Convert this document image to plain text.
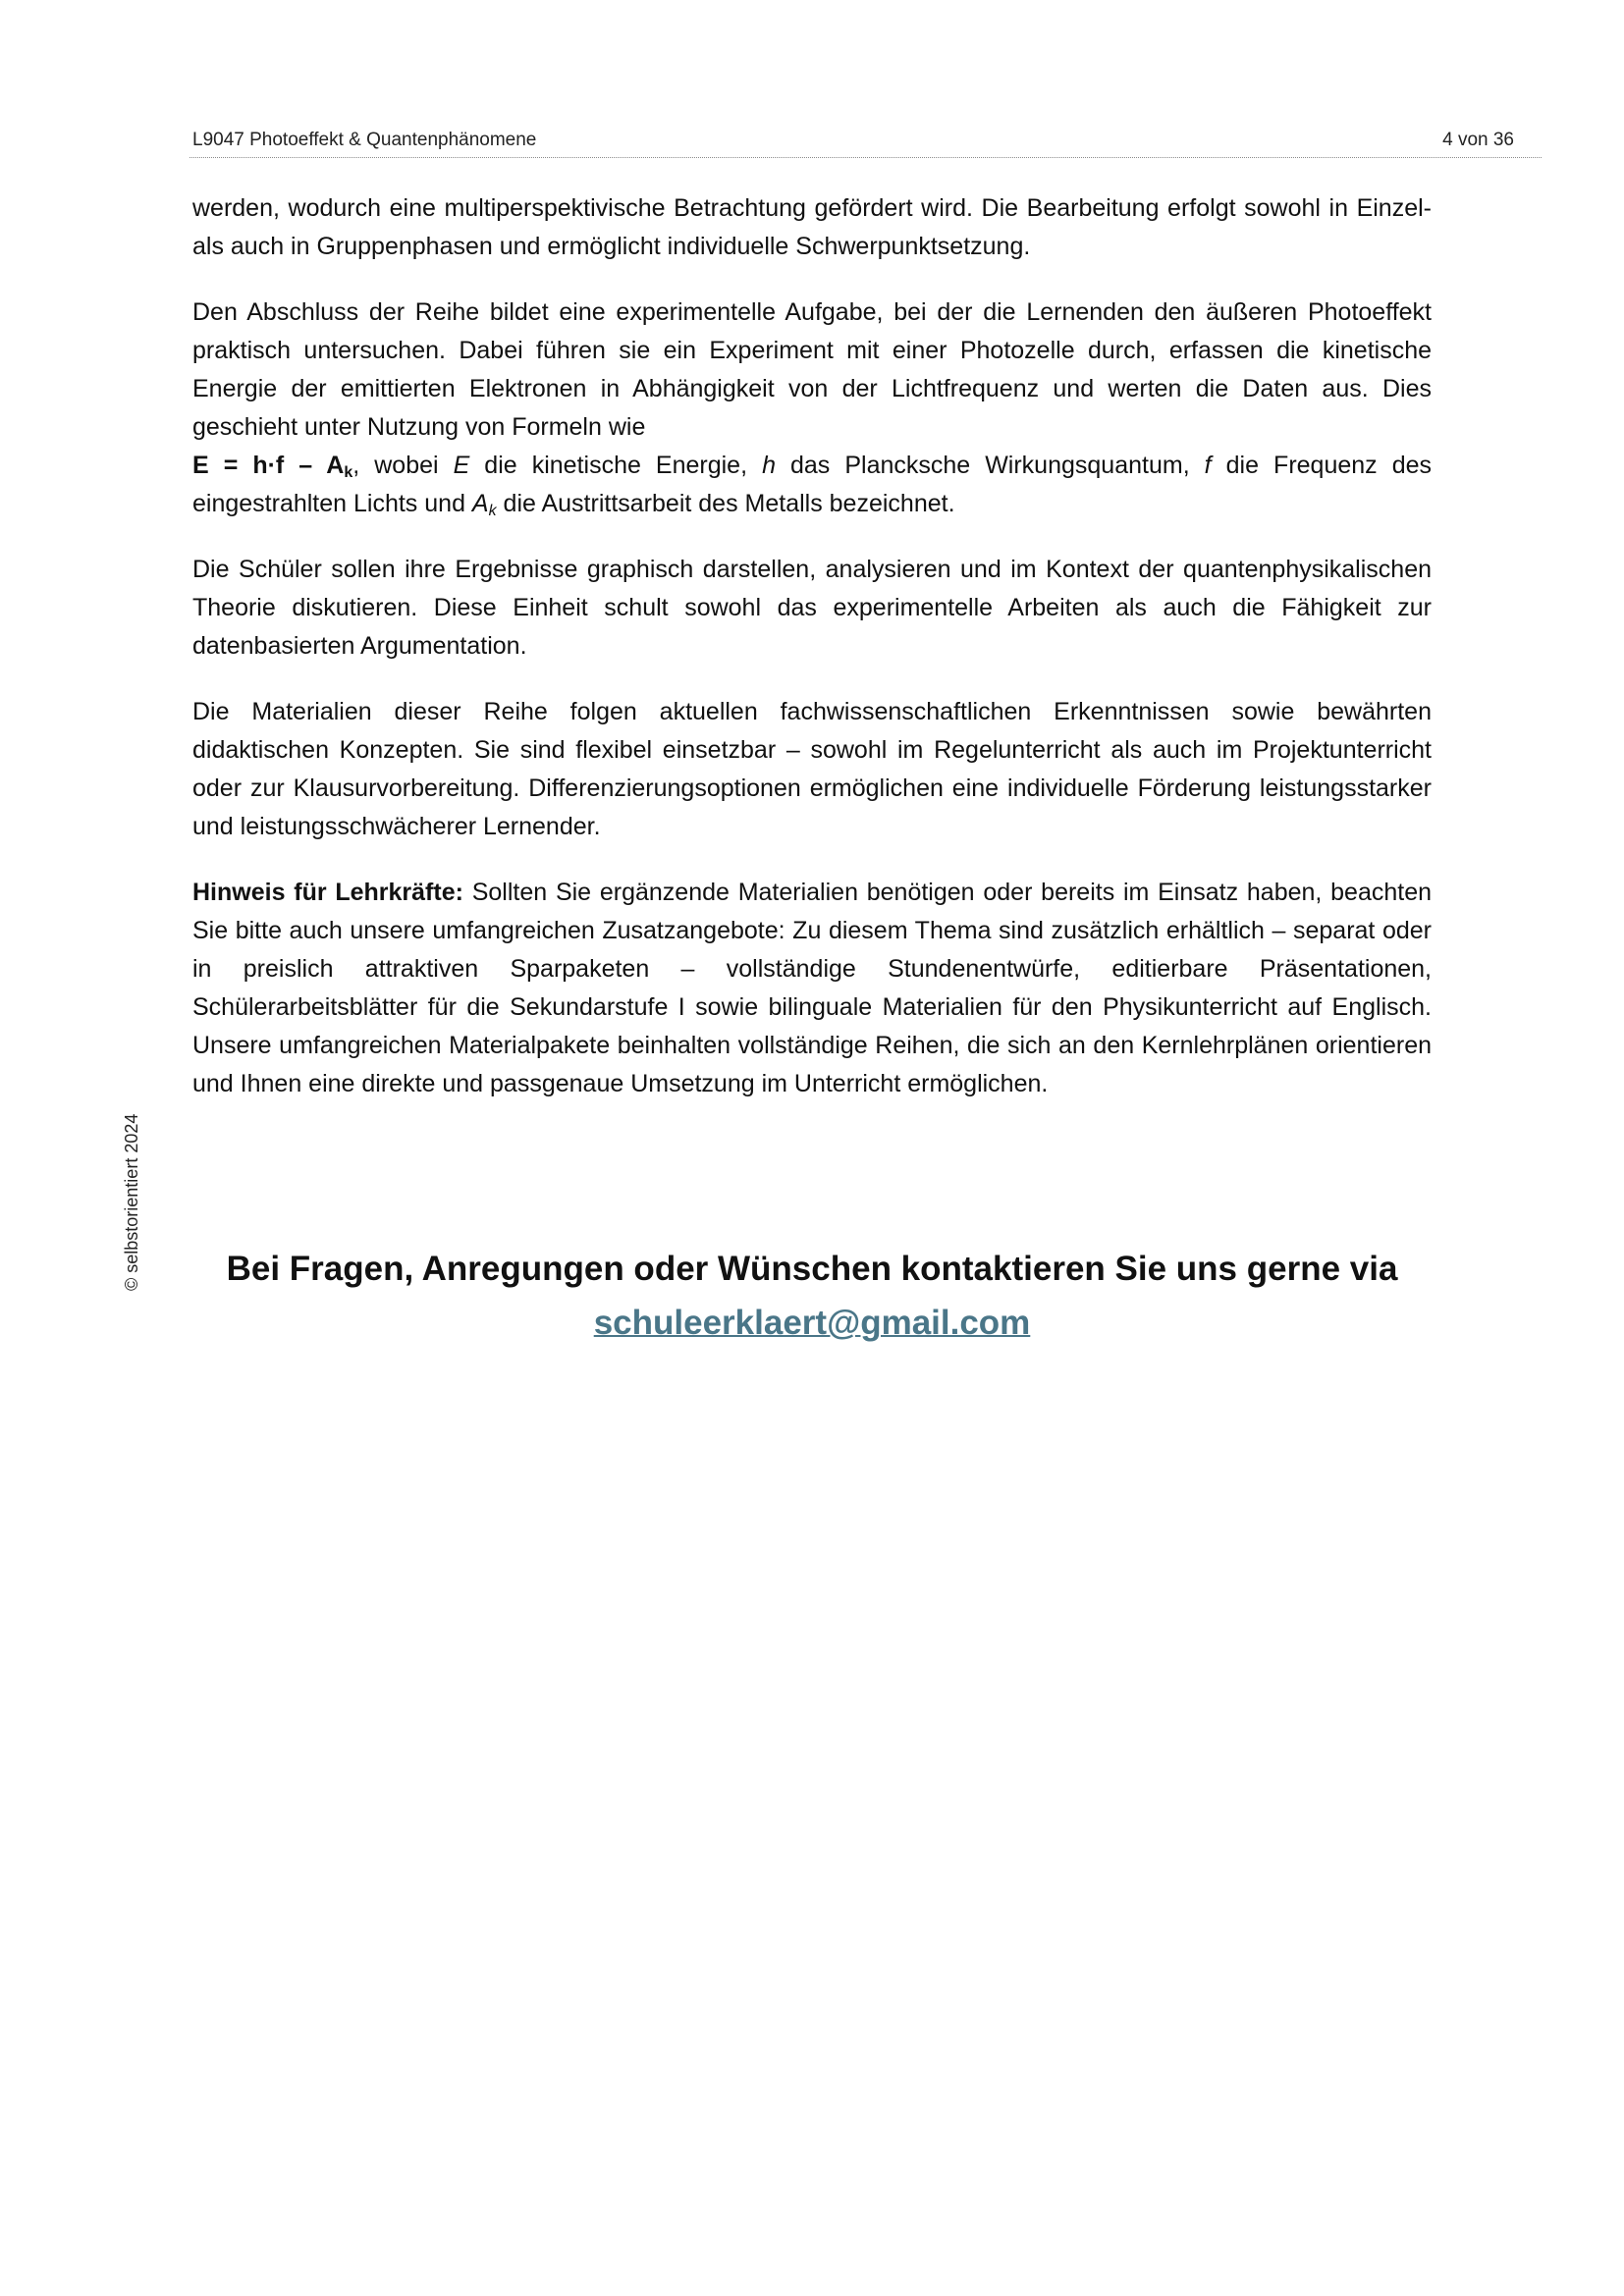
L9047 Photoeffekt & Quantenphänomene	4 von 36
© selbstorientiert 2024

werden, wodurch eine multiperspektivische Betrachtung gefördert wird. Die Bearbeitung erfolgt sowohl in Einzel- als auch in Gruppenphasen und ermöglicht individuelle Schwerpunktsetzung.

Den Abschluss der Reihe bildet eine experimentelle Aufgabe, bei der die Lernenden den äußeren Photoeffekt praktisch untersuchen. Dabei führen sie ein Experiment mit einer Photozelle durch, erfassen die kinetische Energie der emittierten Elektronen in Abhängigkeit von der Lichtfrequenz und werten die Daten aus. Dies geschieht unter Nutzung von Formeln wie
$E = h\cdot f - A_k$, wobei E die kinetische Energie, h das Plancksche Wirkungsquantum, f die Frequenz des eingestrahlten Lichts und $A_k$ die Austrittsarbeit des Metalls bezeichnet.

Die Schüler sollen ihre Ergebnisse graphisch darstellen, analysieren und im Kontext der quantenphysikalischen Theorie diskutieren. Diese Einheit schult sowohl das experimentelle Arbeiten als auch die Fähigkeit zur datenbasierten Argumentation.

Die Materialien dieser Reihe folgen aktuellen fachwissenschaftlichen Erkenntnissen sowie bewährten didaktischen Konzepten. Sie sind flexibel einsetzbar – sowohl im Regelunterricht als auch im Projektunterricht oder zur Klausurvorbereitung. Differenzierungsoptionen ermöglichen eine individuelle Förderung leistungsstarker und leistungsschwächerer Lernender.

Hinweis für Lehrkräfte: Sollten Sie ergänzende Materialien benötigen oder bereits im Einsatz haben, beachten Sie bitte auch unsere umfangreichen Zusatzangebote: Zu diesem Thema sind zusätzlich erhältlich – separat oder in preislich attraktiven Sparpaketen – vollständige Stundenentwürfe, editierbare Präsentationen, Schülerarbeitsblätter für die Sekundarstufe I sowie bilinguale Materialien für den Physikunterricht auf Englisch. Unsere umfangreichen Materialpakete beinhalten vollständige Reihen, die sich an den Kernlehrplänen orientieren und Ihnen eine direkte und passgenaue Umsetzung im Unterricht ermöglichen.

Bei Fragen, Anregungen oder Wünschen kontaktieren Sie uns gerne via
schuleerklaert@gmail.com
